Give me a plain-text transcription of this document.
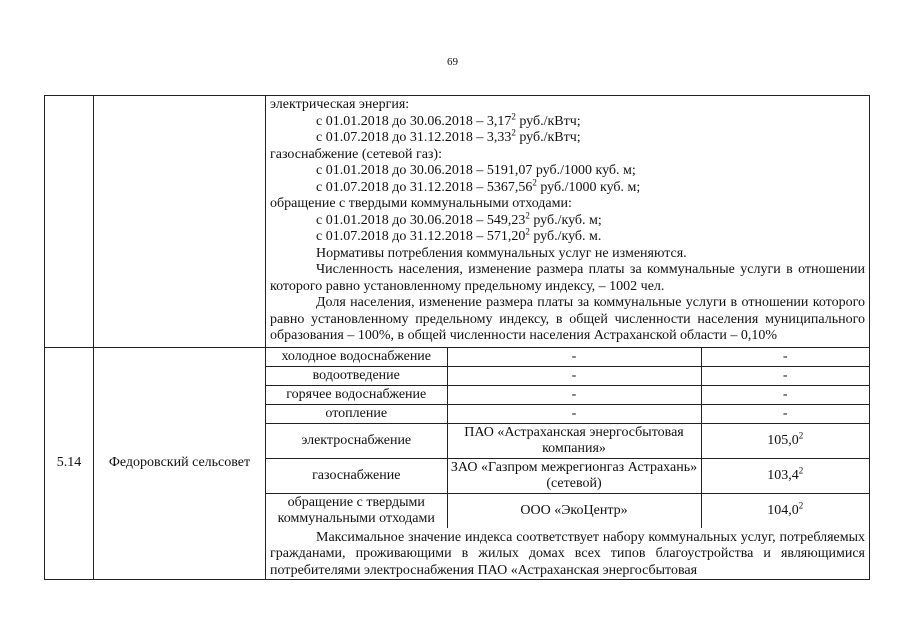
69

электрическая энергия:

с 01.01.2018 до 30.06.2018 – 3,17$^2$ руб./кВтч;

с 01.07.2018 до 31.12.2018 – 3,33$^2$ руб./кВтч;

газоснабжение (сетевой газ):

с 01.01.2018 до 30.06.2018 – 5191,07 руб./1000 куб. м;

с 01.07.2018 до 31.12.2018 – 5367,56$^2$ руб./1000 куб. м;

обращение с твердыми коммунальными отходами:

с 01.01.2018 до 30.06.2018 – 549,23$^2$ руб./куб. м;

с 01.07.2018 до 31.12.2018 – 571,20$^2$ руб./куб. м.

Нормативы потребления коммунальных услуг не изменяются.

Численность населения, изменение размера платы за коммунальные услуги в отношении которого равно установленному предельному индексу, – 1002 чел.

Доля населения, изменение размера платы за коммунальные услуги в отношении которого равно установленному предельному индексу, в общей численности населения муниципального образования – 100%, в общей численности населения Астраханской области – 0,10%

5.14	Федоровский сельсовет	
холодное водоснабжение	-	-
водоотведение	-	-
горячее водоснабжение	-	-
отопление	-	-
электроснабжение	ПАО «Астраханская энергосбытовая компания»	105,0$^2$
газоснабжение	ЗАО «Газпром межрегионгаз Астрахань» (сетевой)	103,4$^2$
обращение с твердыми коммунальными отходами	ООО «ЭкоЦентр»	104,0$^2$

Максимальное значение индекса соответствует набору коммунальных услуг, потребляемых гражданами, проживающими в жилых домах всех типов благоустройства и являющимися потребителями электроснабжения ПАО «Астраханская энергосбытовая
